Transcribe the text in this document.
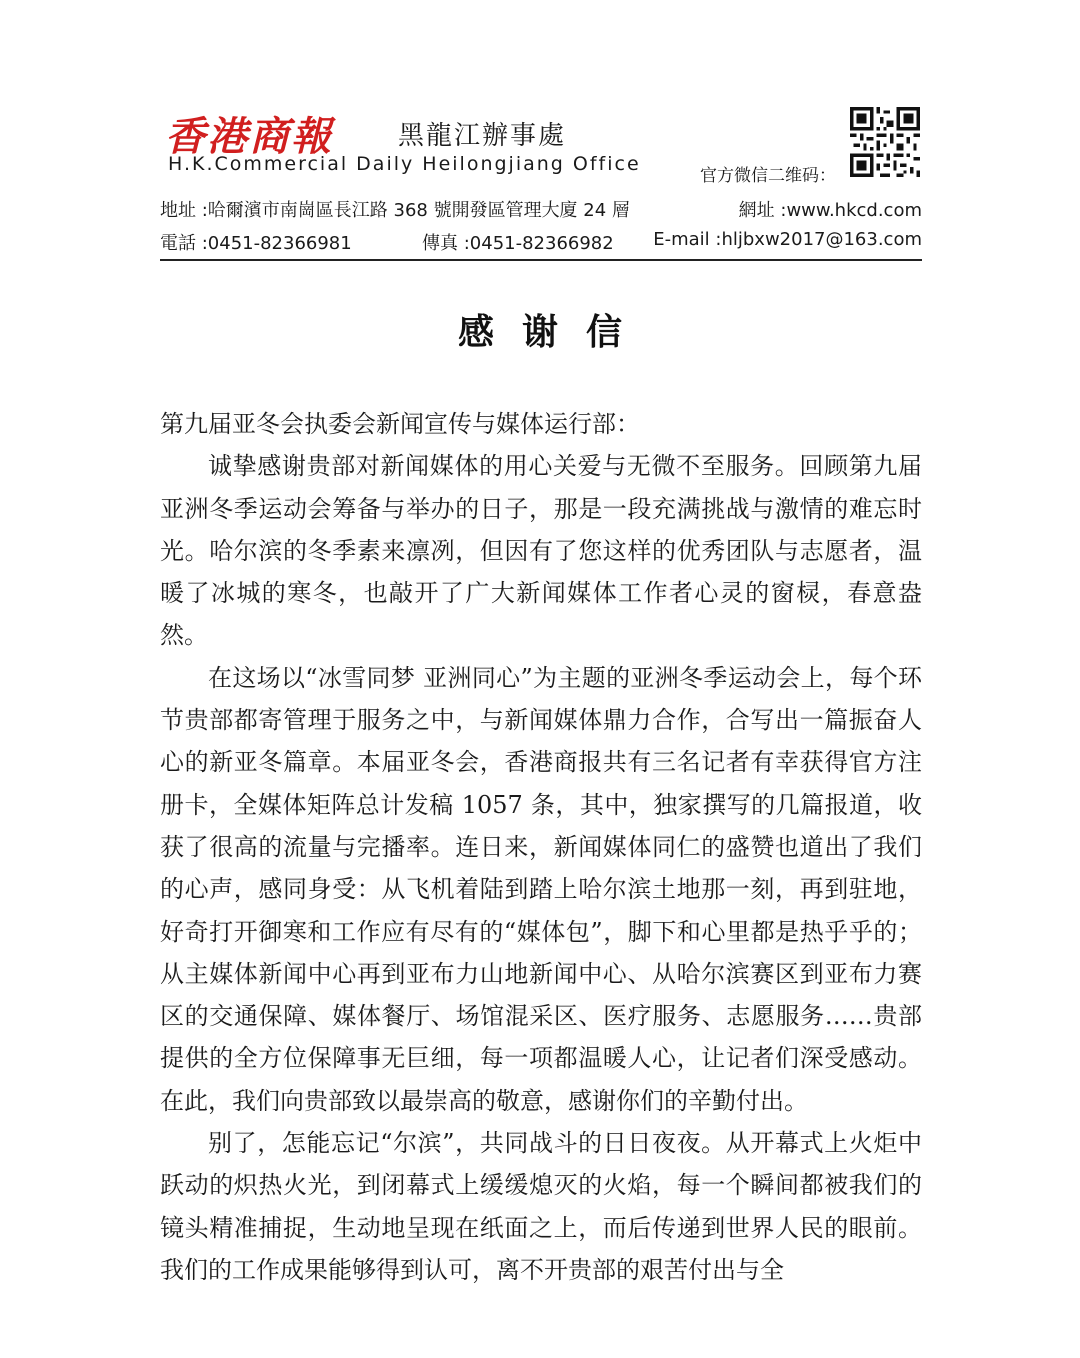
香港商報	黑龍江辦事處
H.K.Commercial Daily Heilongjiang Office
官方微信二维码：
地址 :哈爾濱市南崗區長江路 368 號開發區管理大廈 24 層	網址 :www.hkcd.com
電話 :0451-82366981	傳真 :0451-82366982 E-mail :hljbxw2017@163.com
感谢信

第九届亚冬会执委会新闻宣传与媒体运行部：

诚挚感谢贵部对新闻媒体的用心关爱与无微不至服务。回顾第九届亚洲冬季运动会筹备与举办的日子，那是一段充满挑战与激情的难忘时光。哈尔滨的冬季素来凛冽，但因有了您这样的优秀团队与志愿者，温暖了冰城的寒冬，也敲开了广大新闻媒体工作者心灵的窗棂，春意盎然。

在这场以“冰雪同梦 亚洲同心”为主题的亚洲冬季运动会上，每个环节贵部都寄管理于服务之中，与新闻媒体鼎力合作，合写出一篇振奋人心的新亚冬篇章。本届亚冬会，香港商报共有三名记者有幸获得官方注册卡，全媒体矩阵总计发稿 1057 条，其中，独家撰写的几篇报道，收获了很高的流量与完播率。连日来，新闻媒体同仁的盛赞也道出了我们的心声，感同身受：从飞机着陆到踏上哈尔滨土地那一刻，再到驻地，好奇打开御寒和工作应有尽有的“媒体包”，脚下和心里都是热乎乎的；从主媒体新闻中心再到亚布力山地新闻中心、从哈尔滨赛区到亚布力赛区的交通保障、媒体餐厅、场馆混采区、医疗服务、志愿服务……贵部提供的全方位保障事无巨细，每一项都温暖人心，让记者们深受感动。在此，我们向贵部致以最崇高的敬意，感谢你们的辛勤付出。

别了，怎能忘记“尔滨”，共同战斗的日日夜夜。从开幕式上火炬中跃动的炽热火光，到闭幕式上缓缓熄灭的火焰，每一个瞬间都被我们的镜头精准捕捉，生动地呈现在纸面之上，而后传递到世界人民的眼前。我们的工作成果能够得到认可，离不开贵部的艰苦付出与全
